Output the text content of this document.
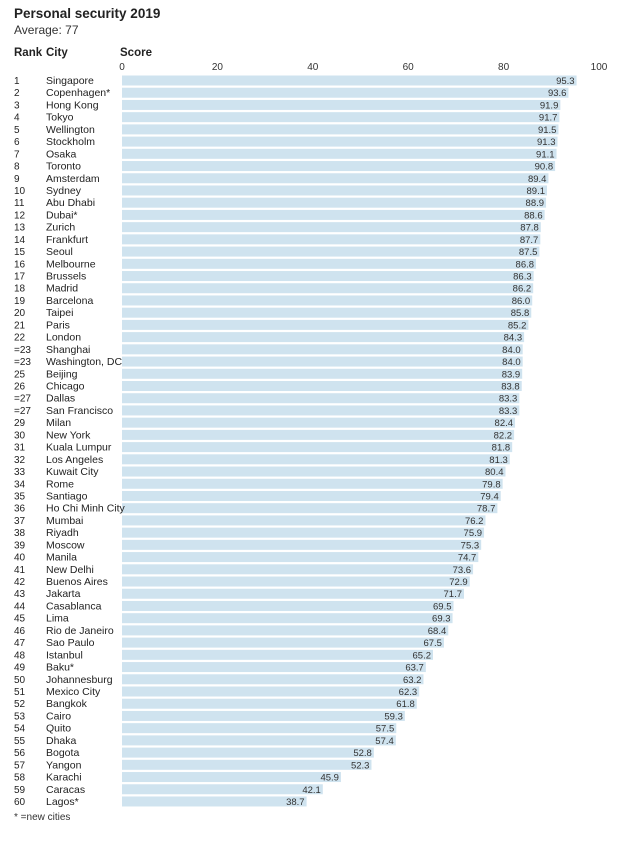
Personal security 2019
Average: 77
Rank City	Score
0	20	40	60	80	100
1	Singapore	95.3
2	Copenhagen*	93.6
3	Hong Kong	91.9
4	Tokyo	91.7
5	Wellington	91.5
6	Stockholm	91.3
7	Osaka	91.1
8	Toronto	90.8
9	Amsterdam	89.4
10 Sydney	89.1
11 Abu Dhabi	88.9
12 Dubai*	88.6
13 Zurich	87.8
14 Frankfurt	87.7
15 Seoul	87.5
16 Melbourne	86.8
17 Brussels	86.3
18 Madrid	86.2
19 Barcelona	86.0
20 Taipei	85.8
21 Paris	85.2
22 London	84.3
=23 Shanghai	84.0
=23 Washington, DC	84.0
25 Beijing	83.9
26 Chicago	83.8
=27 Dallas	83.3
=27 San Francisco	83.3
29 Milan	82.4
30 New York	82.2
31 Kuala Lumpur	81.8
32 Los Angeles	81.3
33 Kuwait City	80.4
34 Rome	79.8
35 Santiago	79.4
36 Ho Chi Minh City	78.7
37 Mumbai	76.2
38 Riyadh	75.9
39 Moscow	75.3
40 Manila	74.7
41 New Delhi	73.6
42 Buenos Aires	72.9
43 Jakarta	71.7
44 Casablanca	69.5
45 Lima	69.3
46 Rio de Janeiro	68.4
47 Sao Paulo	67.5
48 Istanbul	65.2
49 Baku*	63.7
50 Johannesburg	63.2
51 Mexico City	62.3
52 Bangkok	61.8
53 Cairo	59.3
54 Quito	57.5
55 Dhaka	57.4
56 Bogota	52.8
57 Yangon	52.3
58 Karachi	45.9
59 Caracas	42.1
60 Lagos*	38.7
* =new cities
